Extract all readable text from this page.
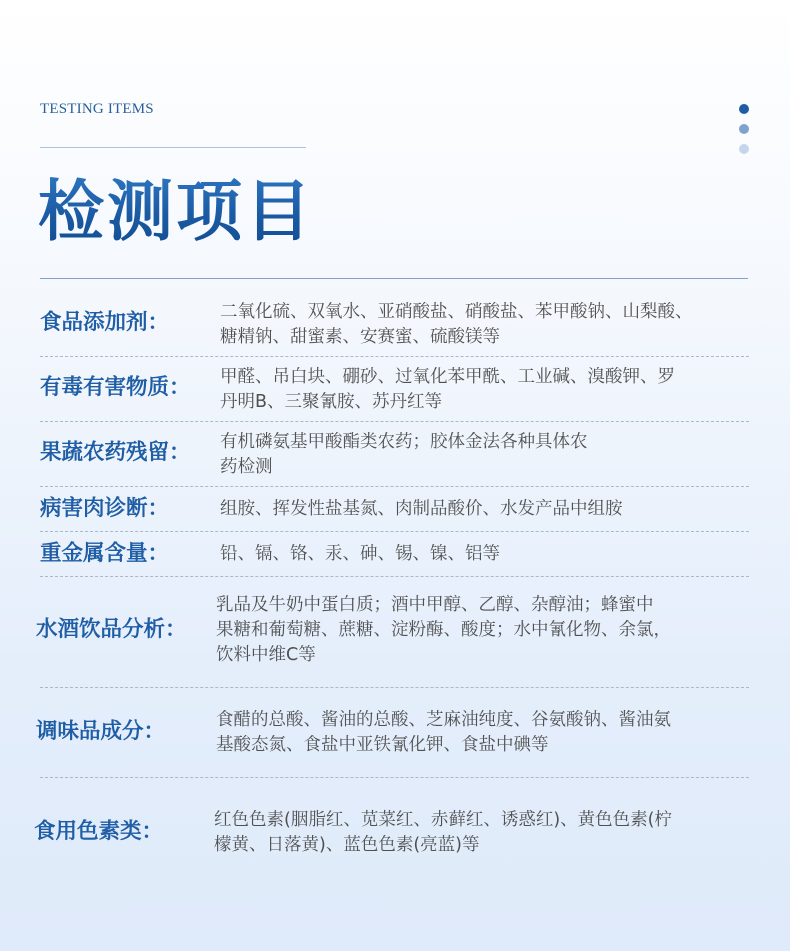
TESTING ITEMS
检测项目
食品添加剂：	二氧化硫、双氧水、亚硝酸盐、硝酸盐、苯甲酸钠、山梨酸、
糖精钠、甜蜜素、安赛蜜、硫酸镁等
有毒有害物质： 甲醛、吊白块、硼砂、过氧化苯甲酰、工业碱、溴酸钾、罗
丹明B、三聚氰胺、苏丹红等
果蔬农药残留： 有机磷氨基甲酸酯类农药；胶体金法各种具体农
药检测
病害肉诊断：	组胺、挥发性盐基氮、肉制品酸价、水发产品中组胺
重金属含量：	铅、镉、铬、汞、砷、锡、镍、铝等
水酒饮品分析：
乳品及牛奶中蛋白质；酒中甲醇、乙醇、杂醇油；蜂蜜中
果糖和葡萄糖、蔗糖、淀粉酶、酸度；水中氰化物、余氯，
饮料中维C等
调味品成分：	食醋的总酸、酱油的总酸、芝麻油纯度、谷氨酸钠、酱油氨
基酸态氮、食盐中亚铁氰化钾、食盐中碘等
食用色素类：	红色色素(胭脂红、苋菜红、赤藓红、诱惑红)、黄色色素(柠
檬黄、日落黄)、蓝色色素(亮蓝)等
